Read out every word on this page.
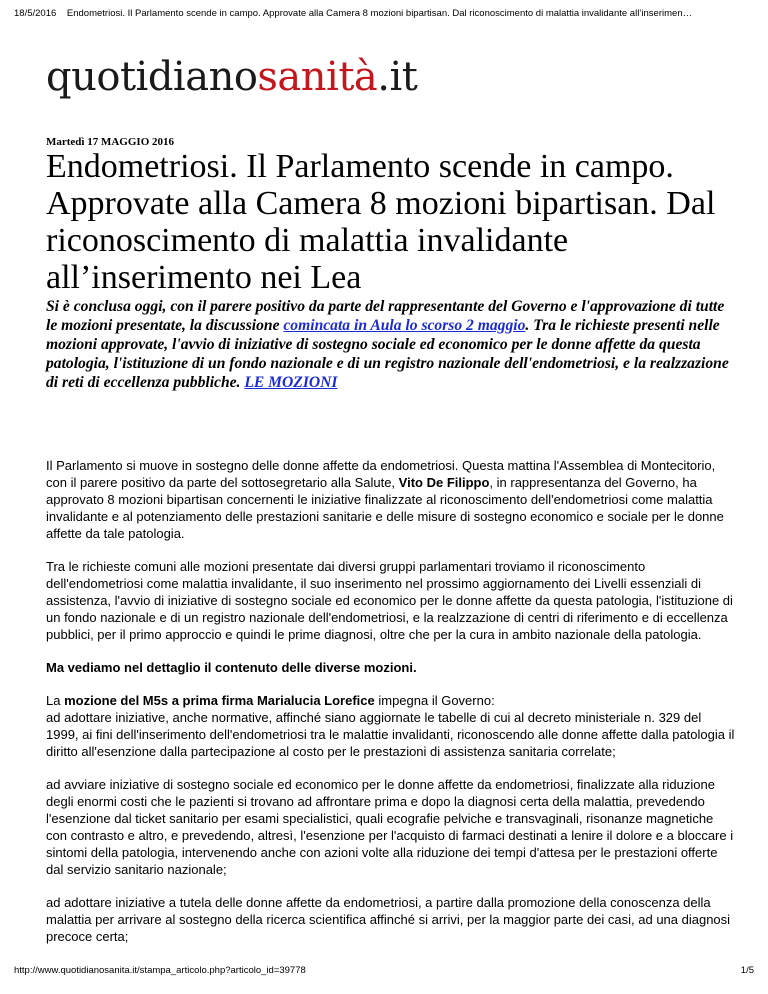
18/5/2016 Endometriosi. Il Parlamento scende in campo. Approvate alla Camera 8 mozioni bipartisan. Dal riconoscimento di malattia invalidante all’inserimen…
quotidianosanità.it
Martedì 17 MAGGIO 2016
Endometriosi. Il Parlamento scende in campo. Approvate alla Camera 8 mozioni bipartisan. Dal riconoscimento di malattia invalidante all’inserimento nei Lea

Si è conclusa oggi, con il parere positivo da parte del rappresentante del Governo e l'approvazione di tutte le mozioni presentate, la discussione comincata in Aula lo scorso 2 maggio. Tra le richieste presenti nelle mozioni approvate, l'avvio di iniziative di sostegno sociale ed economico per le donne affette da questa patologia, l'istituzione di un fondo nazionale e di un registro nazionale dell'endometriosi, e la realzzazione di reti di eccellenza pubbliche. LE MOZIONI

Il Parlamento si muove in sostegno delle donne affette da endometriosi. Questa mattina l'Assemblea di Montecitorio, con il parere positivo da parte del sottosegretario alla Salute, Vito De Filippo, in rappresentanza del Governo, ha approvato 8 mozioni bipartisan concernenti le iniziative finalizzate al riconoscimento dell'endometriosi come malattia invalidante e al potenziamento delle prestazioni sanitarie e delle misure di sostegno economico e sociale per le donne affette da tale patologia.

Tra le richieste comuni alle mozioni presentate dai diversi gruppi parlamentari troviamo il riconoscimento dell'endometriosi come malattia invalidante, il suo inserimento nel prossimo aggiornamento dei Livelli essenziali di assistenza, l'avvio di iniziative di sostegno sociale ed economico per le donne affette da questa patologia, l'istituzione di un fondo nazionale e di un registro nazionale dell'endometriosi, e la realzzazione di centri di riferimento e di eccellenza pubblici, per il primo approccio e quindi le prime diagnosi, oltre che per la cura in ambito nazionale della patologia.

Ma vediamo nel dettaglio il contenuto delle diverse mozioni.

La mozione del M5s a prima firma Marialucia Lorefice impegna il Governo:
ad adottare iniziative, anche normative, affinché siano aggiornate le tabelle di cui al decreto ministeriale n. 329 del 1999, ai fini dell'inserimento dell'endometriosi tra le malattie invalidanti, riconoscendo alle donne affette dalla patologia il diritto all'esenzione dalla partecipazione al costo per le prestazioni di assistenza sanitaria correlate;

ad avviare iniziative di sostegno sociale ed economico per le donne affette da endometriosi, finalizzate alla riduzione degli enormi costi che le pazienti si trovano ad affrontare prima e dopo la diagnosi certa della malattia, prevedendo l'esenzione dal ticket sanitario per esami specialistici, quali ecografie pelviche e transvaginali, risonanze magnetiche con contrasto e altro, e prevedendo, altresì, l'esenzione per l'acquisto di farmaci destinati a lenire il dolore e a bloccare i sintomi della patologia, intervenendo anche con azioni volte alla riduzione dei tempi d'attesa per le prestazioni offerte dal servizio sanitario nazionale;

ad adottare iniziative a tutela delle donne affette da endometriosi, a partire dalla promozione della conoscenza della malattia per arrivare al sostegno della ricerca scientifica affinché si arrivi, per la maggior parte dei casi, ad una diagnosi precoce certa;

http://www.quotidianosanita.it/stampa_articolo.php?articolo_id=39778	1/5
